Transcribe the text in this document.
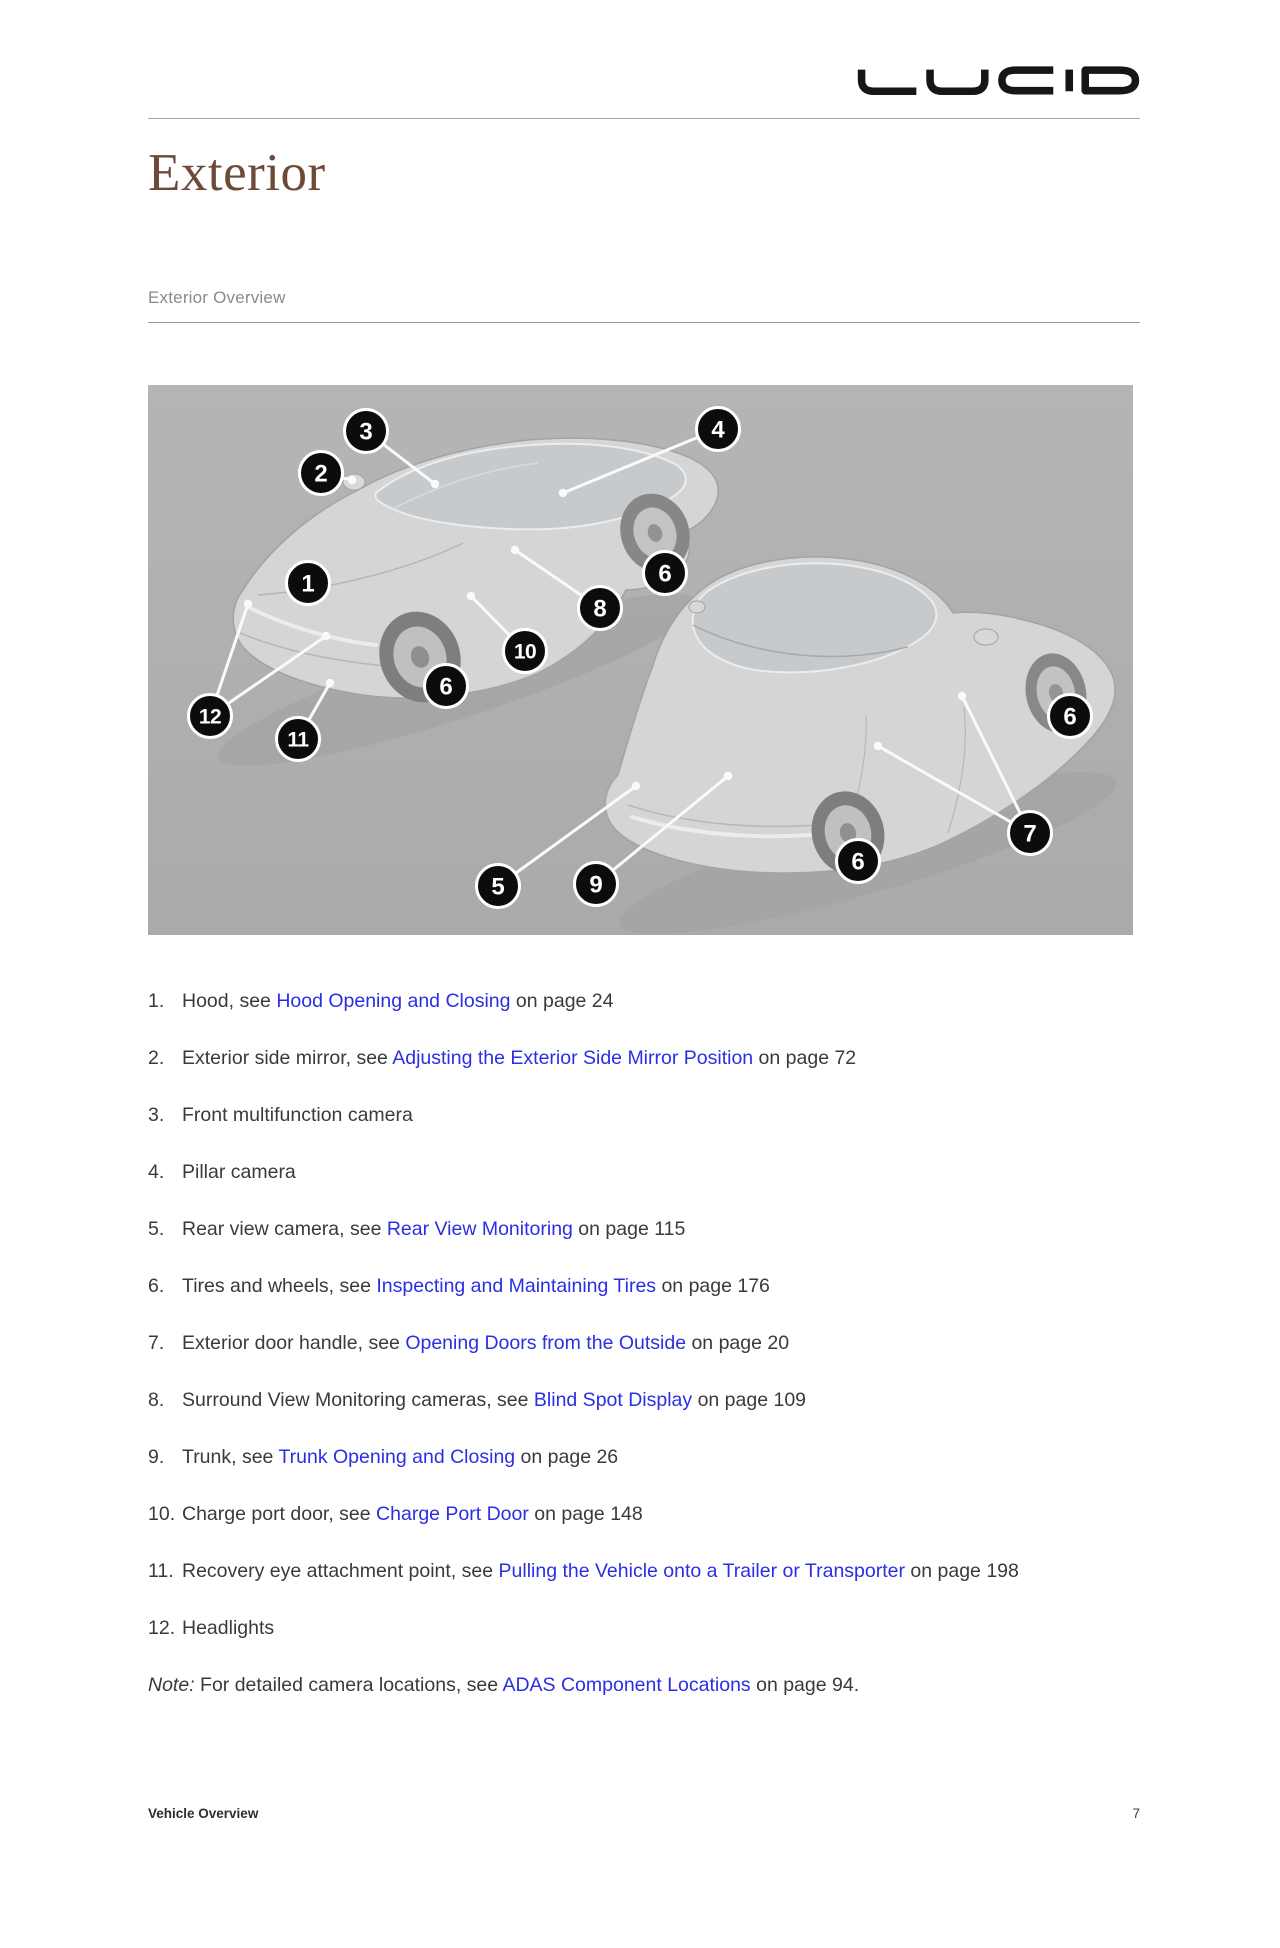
Exterior
Exterior Overview
1
2
3	4
6
6
8
10
12
11
5	9
6
7
6
1. Hood, see Hood Opening and Closing on page 24
2. Exterior side mirror, see Adjusting the Exterior Side Mirror Position on page 72
3. Front multifunction camera
4. Pillar camera
5. Rear view camera, see Rear View Monitoring on page 115
6. Tires and wheels, see Inspecting and Maintaining Tires on page 176
7. Exterior door handle, see Opening Doors from the Outside on page 20
8. Surround View Monitoring cameras, see Blind Spot Display on page 109
9. Trunk, see Trunk Opening and Closing on page 26
10. Charge port door, see Charge Port Door on page 148
11. Recovery eye attachment point, see Pulling the Vehicle onto a Trailer or Transporter on page 198
12. Headlights

Note: For detailed camera locations, see ADAS Component Locations on page 94.

Vehicle Overview	7
